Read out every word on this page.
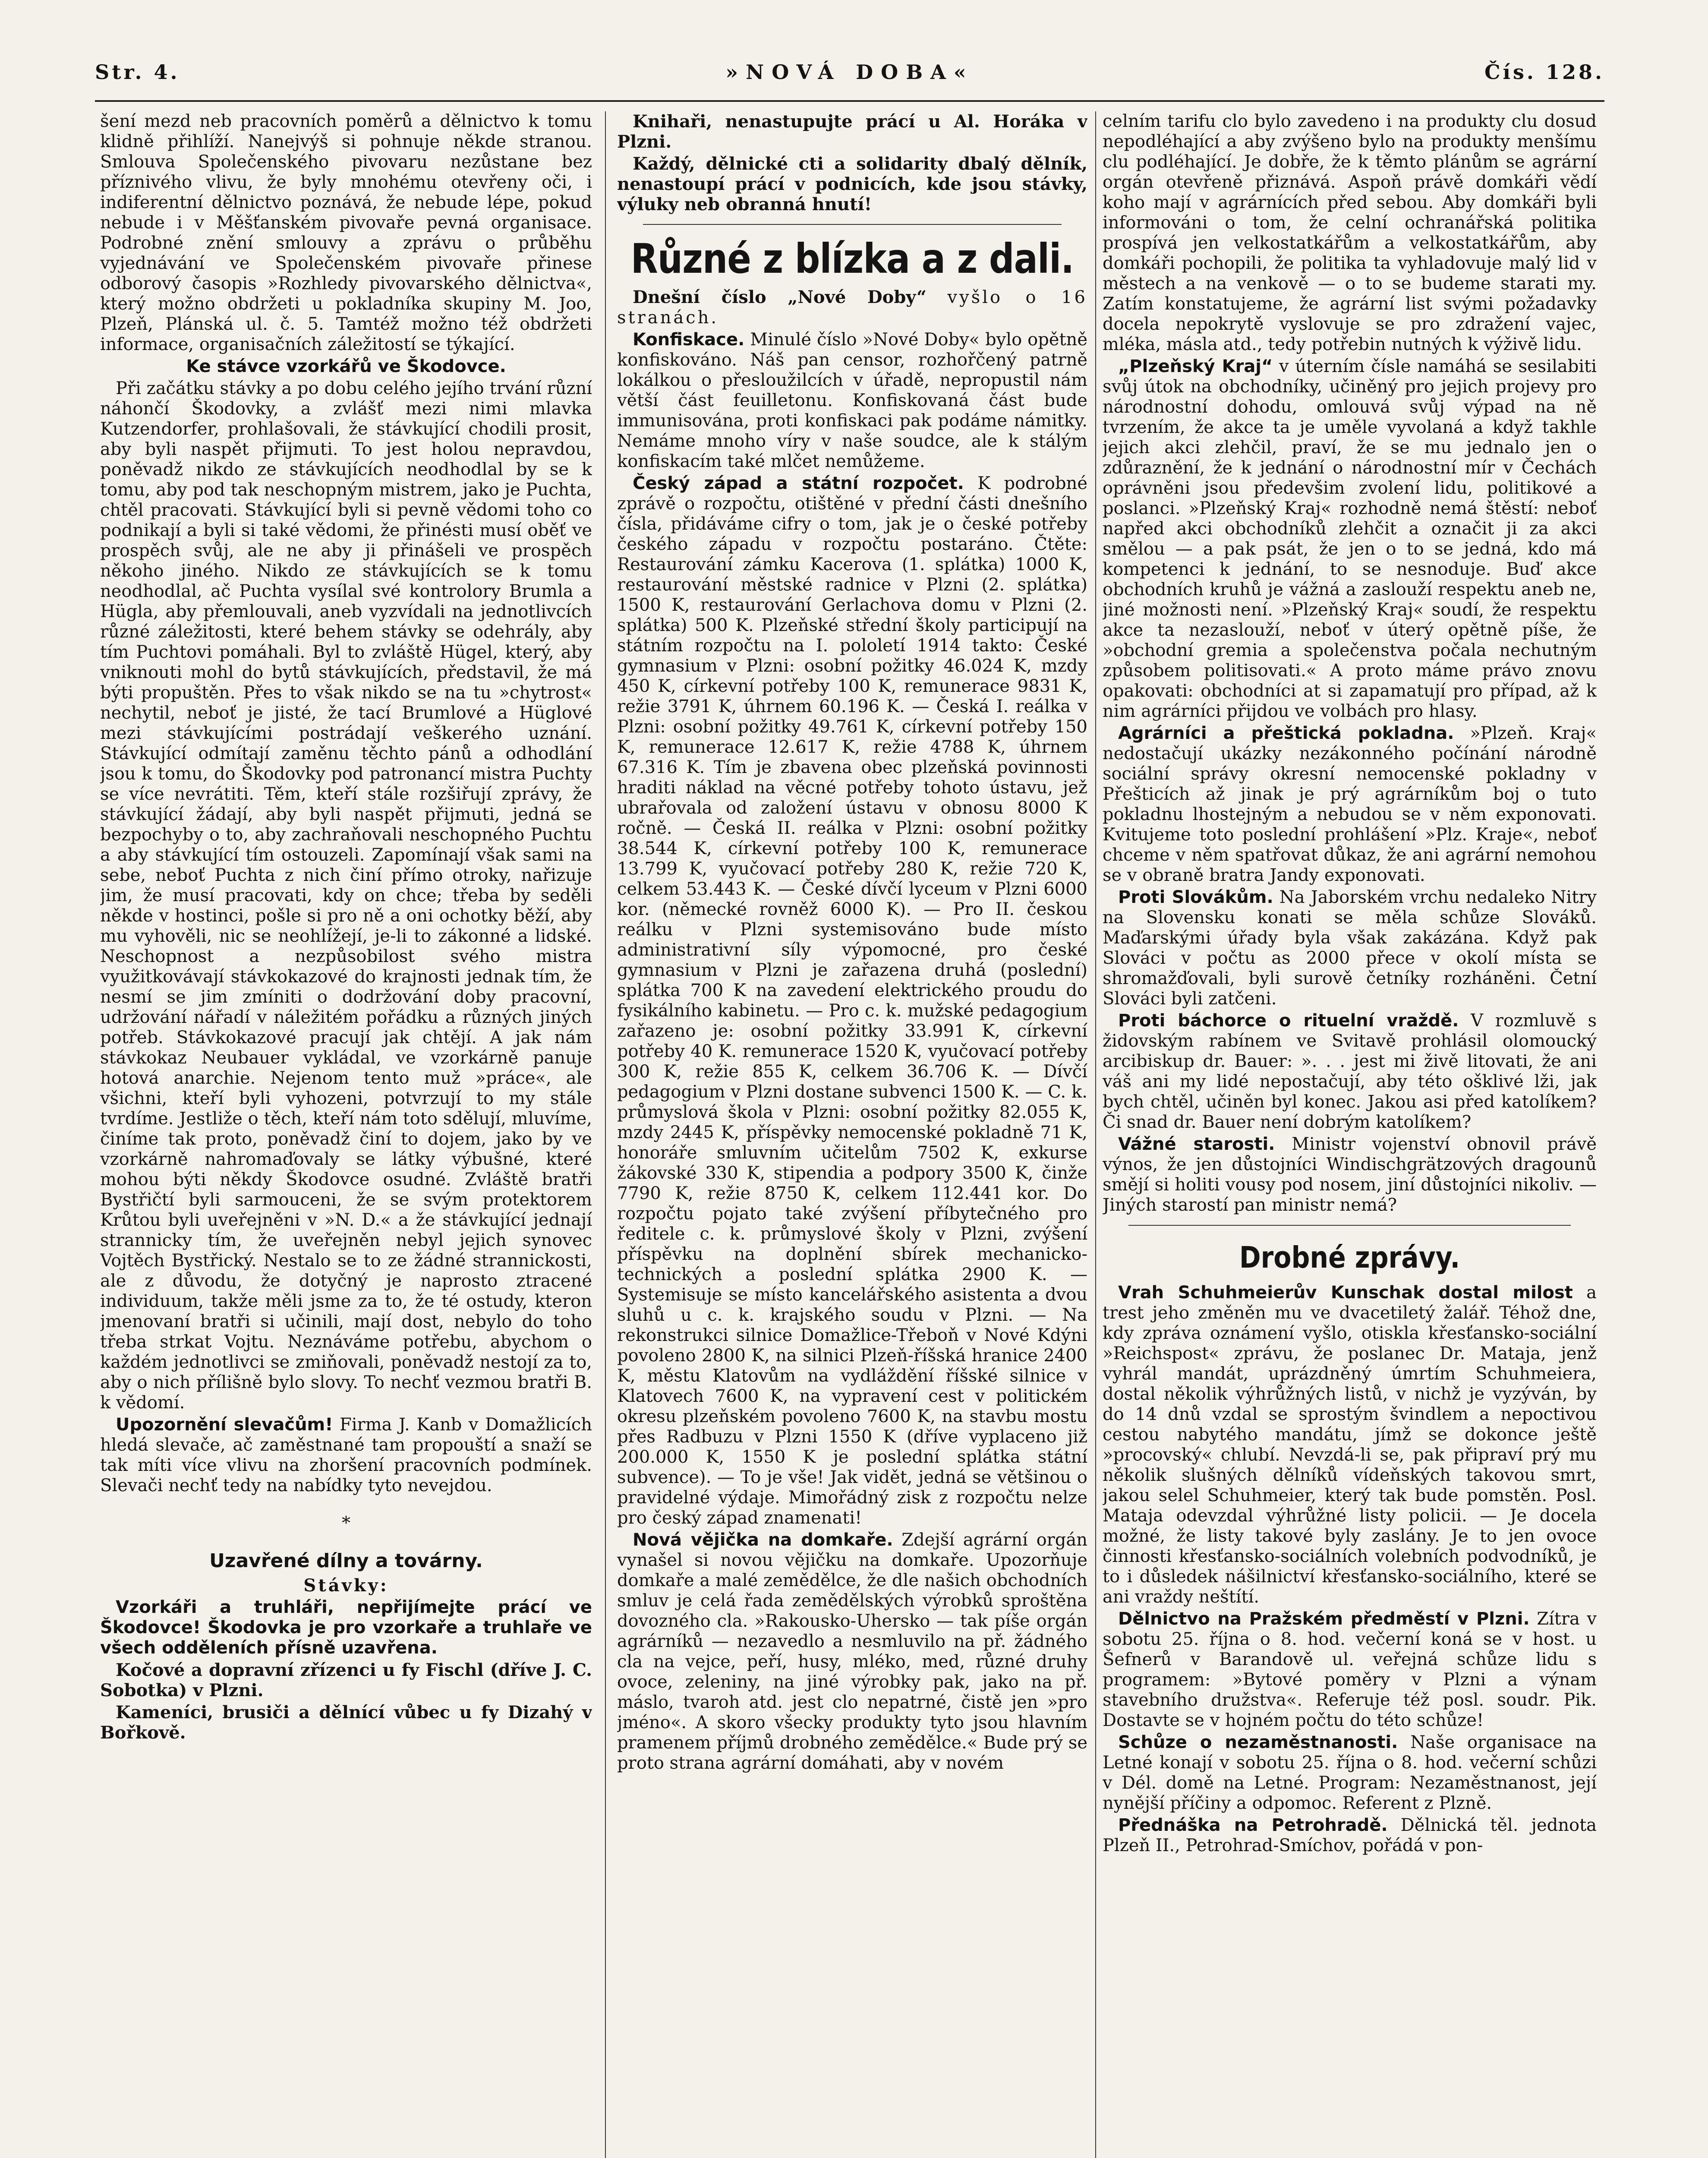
Str. 4.	»NOVÁ DOBA«	Čís. 128.

šení mezd neb pracovních poměrů a dělnictvo k tomu klidně přihlíží. Nanejvýš si pohnuje někde stranou. Smlouva Společenského pivovaru nezůstane bez příznivého vlivu, že byly mnohému otevřeny oči, i indiferentní dělnictvo poznává, že nebude lépe, pokud nebude i v Měšťanském pivovaře pevná organisace. Podrobné znění smlouvy a zprávu o průběhu vyjednávání ve Společenském pivovaře přinese odborový časopis »Rozhledy pivovarského dělnictva«, který možno obdržeti u pokladníka skupiny M. Joo, Plzeň, Plánská ul. č. 5. Tamtéž možno též obdržeti informace, organisačních záležitostí se týkající.

Ke stávce vzorkářů ve Škodovce.

Při začátku stávky a po dobu celého jejího trvání různí náhončí Škodovky, a zvlášť mezi nimi mlavka Kutzendorfer, prohlašovali, že stávkující chodili prosit, aby byli naspět přijmuti. To jest holou nepravdou, poněvadž nikdo ze stávkujících neodhodlal by se k tomu, aby pod tak neschopným mistrem, jako je Puchta, chtěl pracovati. Stávkující byli si pevně vědomi toho co podnikají a byli si také vědomi, že přinésti musí oběť ve prospěch svůj, ale ne aby ji přinášeli ve prospěch někoho jiného. Nikdo ze stávkujících se k tomu neodhodlal, ač Puchta vysílal své kontrolory Brumla a Hügla, aby přemlouvali, aneb vyzvídali na jednotlivcích různé záležitosti, které behem stávky se odehrály, aby tím Puchtovi pomáhali. Byl to zvláště Hügel, který, aby vniknouti mohl do bytů stávkujících, představil, že má býti propuštěn. Přes to však nikdo se na tu »chytrost« nechytil, neboť je jisté, že tací Brumlové a Hüglové mezi stávkujícími postrádají veškerého uznání. Stávkující odmítají zaměnu těchto pánů a odhodlání jsou k tomu, do Škodovky pod patronancí mistra Puchty se více nevrátiti. Těm, kteří stále rozšiřují zprávy, že stávkující žádají, aby byli naspět přijmuti, jedná se bezpochyby o to, aby zachraňovali neschopného Puchtu a aby stávkující tím ostouzeli. Zapomínají však sami na sebe, neboť Puchta z nich činí přímo otroky, nařizuje jim, že musí pracovati, kdy on chce; třeba by seděli někde v hostinci, pošle si pro ně a oni ochotky běží, aby mu vyhověli, nic se neohlížejí, je-li to zákonné a lidské. Neschopnost a nezpůsobilost svého mistra využitkovávají stávkokazové do krajnosti jednak tím, že nesmí se jim zmíniti o dodržování doby pracovní, udržování nářadí v náležitém pořádku a různých jiných potřeb. Stávkokazové pracují jak chtějí. A jak nám stávkokaz Neubauer vykládal, ve vzorkárně panuje hotová anarchie. Nejenom tento muž »práce«, ale všichni, kteří byli vyhozeni, potvrzují to my stále tvrdíme. Jestliže o těch, kteří nám toto sdělují, mluvíme, činíme tak proto, poněvadž činí to dojem, jako by ve vzorkárně nahromaďovaly se látky výbušné, které mohou býti někdy Škodovce osudné. Zvláště bratři Bystřičtí byli sarmouceni, že se svým protektorem Krůtou byli uveřejněni v »N. D.« a že stávkující jednají strannicky tím, že uveřejněn nebyl jejich synovec Vojtěch Bystřický. Nestalo se to ze žádné strannickosti, ale z důvodu, že dotyčný je naprosto ztracené individuum, takže měli jsme za to, že té ostudy, kteron jmenovaní bratři si učinili, mají dost, nebylo do toho třeba strkat Vojtu. Neznáváme potřebu, abychom o každém jednotlivci se zmiňovali, poněvadž nestojí za to, aby o nich přílišně bylo slovy. To nechť vezmou bratři B. k vědomí.

Upozornění slevačům! Firma J. Kanb v Domažlicích hledá slevače, ač zaměstnané tam propouští a snaží se tak míti více vlivu na zhoršení pracovních podmínek. Slevači nechť tedy na nabídky tyto nevejdou.

*
Uzavřené dílny a továrny.

Stávky:

Vzorkáři a truhláři, nepřijímejte prácí ve Škodovce! Škodovka je pro vzorkaře a truhlaře ve všech odděleních přísně uzavřena.

Kočové a dopravní zřízenci u fy Fischl (dříve J. C. Sobotka) v Plzni.

Kameníci, brusiči a dělnící vůbec u fy Dizahý v Bořkově.

Knihaři, nenastupujte prácí u Al. Horáka v Plzni.

Každý, dělnické cti a solidarity dbalý dělník, nenastoupí prácí v podnicích, kde jsou stávky, výluky neb obranná hnutí!

Různé z blízka a z dali.

Dnešní číslo „Nové Doby“ vyšlo o 16 stranách.

Konfiskace. Minulé číslo »Nové Doby« bylo opětně konfiskováno. Náš pan censor, rozhořčený patrně lokálkou o přesloužilcích v úřadě, nepropustil nám větší část feuilletonu. Konfiskovaná část bude immunisována, proti konfiskaci pak podáme námitky. Nemáme mnoho víry v naše soudce, ale k stálým konfiskacím také mlčet nemůžeme.

Český západ a státní rozpočet. K podrobné zprávě o rozpočtu, otištěné v přední části dnešního čísla, přidáváme cifry o tom, jak je o české potřeby českého západu v rozpočtu postaráno. Čtěte: Restaurování zámku Kacerova (1. splátka) 1000 K, restaurování městské radnice v Plzni (2. splátka) 1500 K, restaurování Gerlachova domu v Plzni (2. splátka) 500 K. Plzeňské střední školy participují na státním rozpočtu na I. pololetí 1914 takto: České gymnasium v Plzni: osobní požitky 46.024 K, mzdy 450 K, církevní potřeby 100 K, remunerace 9831 K, režie 3791 K, úhrnem 60.196 K. — Česká I. reálka v Plzni: osobní požitky 49.761 K, církevní potřeby 150 K, remunerace 12.617 K, režie 4788 K, úhrnem 67.316 K. Tím je zbavena obec plzeňská povinnosti hraditi náklad na věcné potřeby tohoto ústavu, jež ubrařovala od založení ústavu v obnosu 8000 K ročně. — Česká II. reálka v Plzni: osobní požitky 38.544 K, církevní potřeby 100 K, remunerace 13.799 K, vyučovací potřeby 280 K, režie 720 K, celkem 53.443 K. — České dívčí lyceum v Plzni 6000 kor. (německé rovněž 6000 K). — Pro II. českou reálku v Plzni systemisováno bude místo administrativní síly výpomocné, pro české gymnasium v Plzni je zařazena druhá (poslední) splátka 700 K na zavedení elektrického proudu do fysikálního kabinetu. — Pro c. k. mužské pedagogium zařazeno je: osobní požitky 33.991 K, církevní potřeby 40 K. remunerace 1520 K, vyučovací potřeby 300 K, režie 855 K, celkem 36.706 K. — Dívčí pedagogium v Plzni dostane subvenci 1500 K. — C. k. průmyslová škola v Plzni: osobní požitky 82.055 K, mzdy 2445 K, příspěvky nemocenské pokladně 71 K, honoráře smluvním učitelům 7502 K, exkurse žákovské 330 K, stipendia a podpory 3500 K, činže 7790 K, režie 8750 K, celkem 112.441 kor. Do rozpočtu pojato také zvýšení příbytečného pro ředitele c. k. průmyslové školy v Plzni, zvýšení příspěvku na doplnění sbírek mechanicko-technických a poslední splátka 2900 K. — Systemisuje se místo kancelářského asistenta a dvou sluhů u c. k. krajského soudu v Plzni. — Na rekonstrukci silnice Domažlice-Třeboň v Nové Kdýni povoleno 2800 K, na silnici Plzeň-říšská hranice 2400 K, městu Klatovům na vydláždění říšské silnice v Klatovech 7600 K, na vypravení cest v politickém okresu plzeňském povoleno 7600 K, na stavbu mostu přes Radbuzu v Plzni 1550 K (dříve vyplaceno již 200.000 K, 1550 K je poslední splátka státní subvence). — To je vše! Jak vidět, jedná se většinou o pravidelné výdaje. Mimořádný zisk z rozpočtu nelze pro český západ znamenati!

Nová vějička na domkaře. Zdejší agrární orgán vynašel si novou vějičku na domkaře. Upozorňuje domkaře a malé zemědělce, že dle našich obchodních smluv je celá řada zemědělských výrobků sproštěna dovozného cla. »Rakousko-Uhersko — tak píše orgán agrárníků — nezavedlo a nesmluvilo na př. žádného cla na vejce, peří, husy, mléko, med, různé druhy ovoce, zeleniny, na jiné výrobky pak, jako na př. máslo, tvaroh atd. jest clo nepatrné, čistě jen »pro jméno«. A skoro všecky produkty tyto jsou hlavním pramenem příjmů drobného zemědělce.« Bude prý se proto strana agrární domáhati, aby v novém

celním tarifu clo bylo zavedeno i na produkty clu dosud nepodléhající a aby zvýšeno bylo na produkty menšímu clu podléhající. Je dobře, že k těmto plánům se agrární orgán otevřeně přiznává. Aspoň právě domkáři vědí koho mají v agrárnících před sebou. Aby domkáři byli informováni o tom, že celní ochranářská politika prospívá jen velkostatkářům a velkostatkářům, aby domkáři pochopili, že politika ta vyhladovuje malý lid v městech a na venkově — o to se budeme starati my. Zatím konstatujeme, že agrární list svými požadavky docela nepokrytě vyslovuje se pro zdražení vajec, mléka, másla atd., tedy potřebin nutných k výživě lidu.

„Plzeňský Kraj“ v úterním čísle namáhá se sesilabiti svůj útok na obchodníky, učiněný pro jejich projevy pro národnostní dohodu, omlouvá svůj výpad na ně tvrzením, že akce ta je uměle vyvolaná a když takhle jejich akci zlehčil, praví, že se mu jednalo jen o zdůraznění, že k jednání o národnostní mír v Čechách oprávněni jsou předevšim zvolení lidu, politikové a poslanci. »Plzeňský Kraj« rozhodně nemá štěstí: neboť napřed akci obchodníků zlehčit a označit ji za akci smělou — a pak psát, že jen o to se jedná, kdo má kompetenci k jednání, to se nesnoduje. Buď akce obchodních kruhů je vážná a zaslouží respektu aneb ne, jiné možnosti není. »Plzeňský Kraj« soudí, že respektu akce ta nezaslouží, neboť v úterý opětně píše, že »obchodní gremia a společenstva počala nechutným způsobem politisovati.« A proto máme právo znovu opakovati: obchodníci at si zapamatují pro případ, až k nim agrárníci přijdou ve volbách pro hlasy.

Agrárníci a přeštická pokladna. »Plzeň. Kraj« nedostačují ukázky nezákonného počínání národně sociální správy okresní nemocenské pokladny v Přešticích až jinak je prý agrárníkům boj o tuto pokladnu lhostejným a nebudou se v něm exponovati. Kvitujeme toto poslední prohlášení »Plz. Kraje«, neboť chceme v něm spatřovat důkaz, že ani agrární nemohou se v obraně bratra Jandy exponovati.

Proti Slovákům. Na Jaborském vrchu nedaleko Nitry na Slovensku konati se měla schůze Slováků. Maďarskými úřady byla však zakázána. Když pak Slováci v počtu as 2000 přece v okolí místa se shromažďovali, byli surově četníky rozháněni. Četní Slováci byli zatčeni.

Proti báchorce o rituelní vraždě. V rozmluvě s židovským rabínem ve Svitavě prohlásil olomoucký arcibiskup dr. Bauer: ». . . jest mi živě litovati, že ani váš ani my lidé nepostačují, aby této ošklivé lži, jak bych chtěl, učiněn byl konec. Jakou asi před katolíkem? Či snad dr. Bauer není dobrým katolíkem?

Vážné starosti. Ministr vojenství obnovil právě výnos, že jen důstojníci Windischgrätzových dragounů smějí si holiti vousy pod nosem, jiní důstojníci nikoliv. — Jiných starostí pan ministr nemá?

Drobné zprávy.

Vrah Schuhmeierův Kunschak dostal milost a trest jeho změněn mu ve dvacetiletý žalář. Téhož dne, kdy zpráva oznámení vyšlo, otiskla křesťansko-sociální »Reichspost« zprávu, že poslanec Dr. Mataja, jenž vyhrál mandát, uprázdněný úmrtím Schuhmeiera, dostal několik výhrůžných listů, v nichž je vyzýván, by do 14 dnů vzdal se sprostým švindlem a nepoctivou cestou nabytého mandátu, jímž se dokonce ještě »procovský« chlubí. Nevzdá-li se, pak připraví prý mu několik slušných dělníků vídeňských takovou smrt, jakou selel Schuhmeier, který tak bude pomstěn. Posl. Mataja odevzdal výhrůžné listy policii. — Je docela možné, že listy takové byly zaslány. Je to jen ovoce činnosti křesťansko-sociálních volebních podvodníků, je to i důsledek nášilnictví křesťansko-sociálního, které se ani vraždy neštítí.

Dělnictvo na Pražském předměstí v Plzni. Zítra v sobotu 25. října o 8. hod. večerní koná se v host. u Šefnerů v Barandově ul. veřejná schůze lidu s programem: »Bytové poměry v Plzni a výnam stavebního družstva«. Referuje též posl. soudr. Pik. Dostavte se v hojném počtu do této schůze!

Schůze o nezaměstnanosti. Naše organisace na Letné konají v sobotu 25. října o 8. hod. večerní schůzi v Dél. domě na Letné. Program: Nezaměstnanost, její nynější příčiny a odpomoc. Referent z Plzně.

Přednáška na Petrohradě. Dělnická těl. jednota Plzeň II., Petrohrad-Smíchov, pořádá v pon-
